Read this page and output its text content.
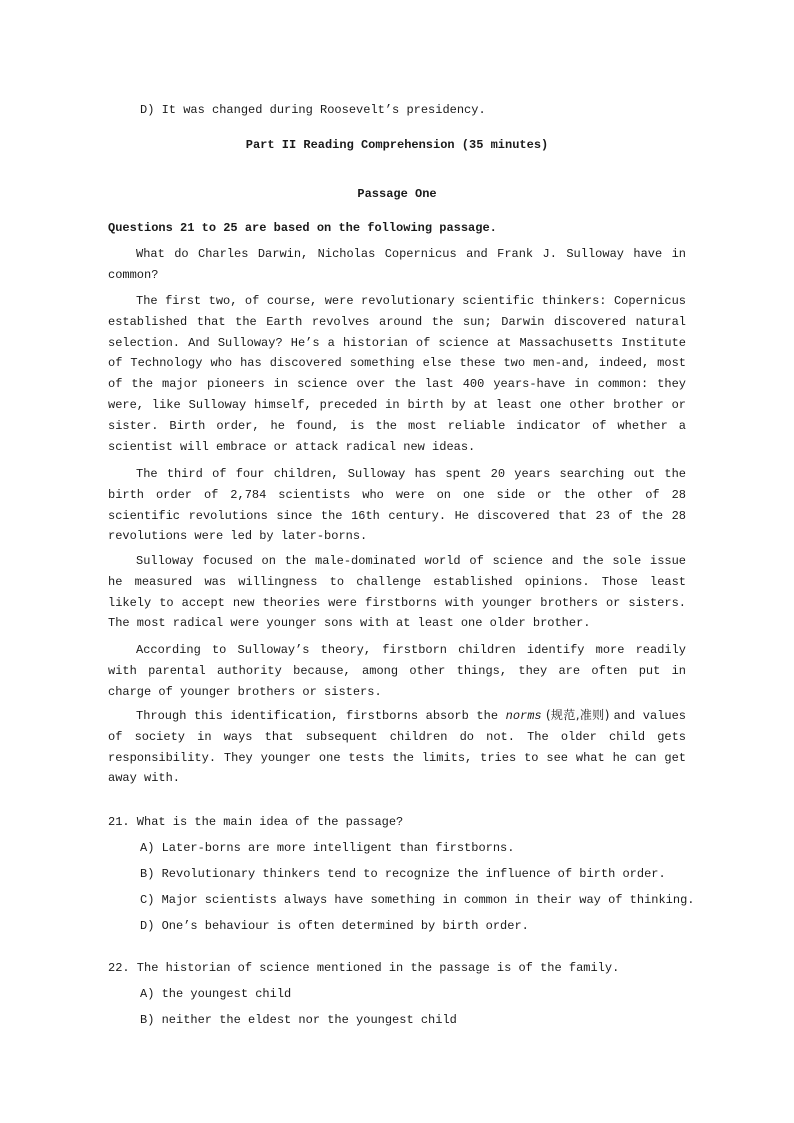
D) It was changed during Roosevelt’s presidency.
Part II Reading Comprehension (35 minutes)
Passage One
Questions 21 to 25 are based on the following passage.
What do Charles Darwin, Nicholas Copernicus and Frank J. Sulloway have in common?
The first two, of course, were revolutionary scientific thinkers: Copernicus established that the Earth revolves around the sun; Darwin discovered natural selection. And Sulloway? He’s a historian of science at Massachusetts Institute of Technology who has discovered something else these two men-and, indeed, most of the major pioneers in science over the last 400 years-have in common: they were, like Sulloway himself, preceded in birth by at least one other brother or sister. Birth order, he found, is the most reliable indicator of whether a scientist will embrace or attack radical new ideas.
The third of four children, Sulloway has spent 20 years searching out the birth order of 2,784 scientists who were on one side or the other of 28 scientific revolutions since the 16th century. He discovered that 23 of the 28 revolutions were led by later-borns.
Sulloway focused on the male-dominated world of science and the sole issue he measured was willingness to challenge established opinions. Those least likely to accept new theories were firstborns with younger brothers or sisters. The most radical were younger sons with at least one older brother.
According to Sulloway’s theory, firstborn children identify more readily with parental authority because, among other things, they are often put in charge of younger brothers or sisters.
Through this identification, firstborns absorb the norms (规范,准则) and values of society in ways that subsequent children do not. The older child gets responsibility. They younger one tests the limits, tries to see what he can get away with.
21. What is the main idea of the passage?
A) Later-borns are more intelligent than firstborns.
B) Revolutionary thinkers tend to recognize the influence of birth order.
C) Major scientists always have something in common in their way of thinking.
D) One’s behaviour is often determined by birth order.
22. The historian of science mentioned in the passage is of the family.
A) the youngest child
B) neither the eldest nor the youngest child
